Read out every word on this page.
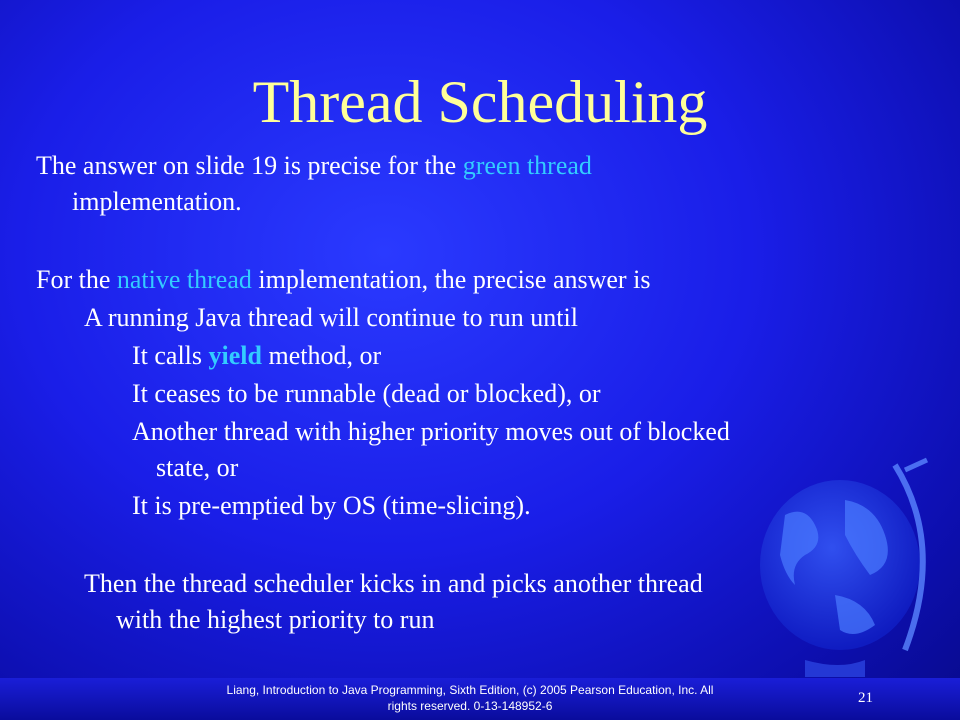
Thread Scheduling
The answer on slide 19 is precise for the green thread
implementation.
For the native thread implementation, the precise answer is
A running Java thread will continue to run until
It calls yield method, or
It ceases to be runnable (dead or blocked), or
Another thread with higher priority moves out of blocked
state, or
It is pre-emptied by OS (time-slicing).
Then the thread scheduler kicks in and picks another thread
with the highest priority to run
Liang, Introduction to Java Programming, Sixth Edition, (c) 2005 Pearson Education, Inc. All
rights reserved. 0-13-148952-6	21
